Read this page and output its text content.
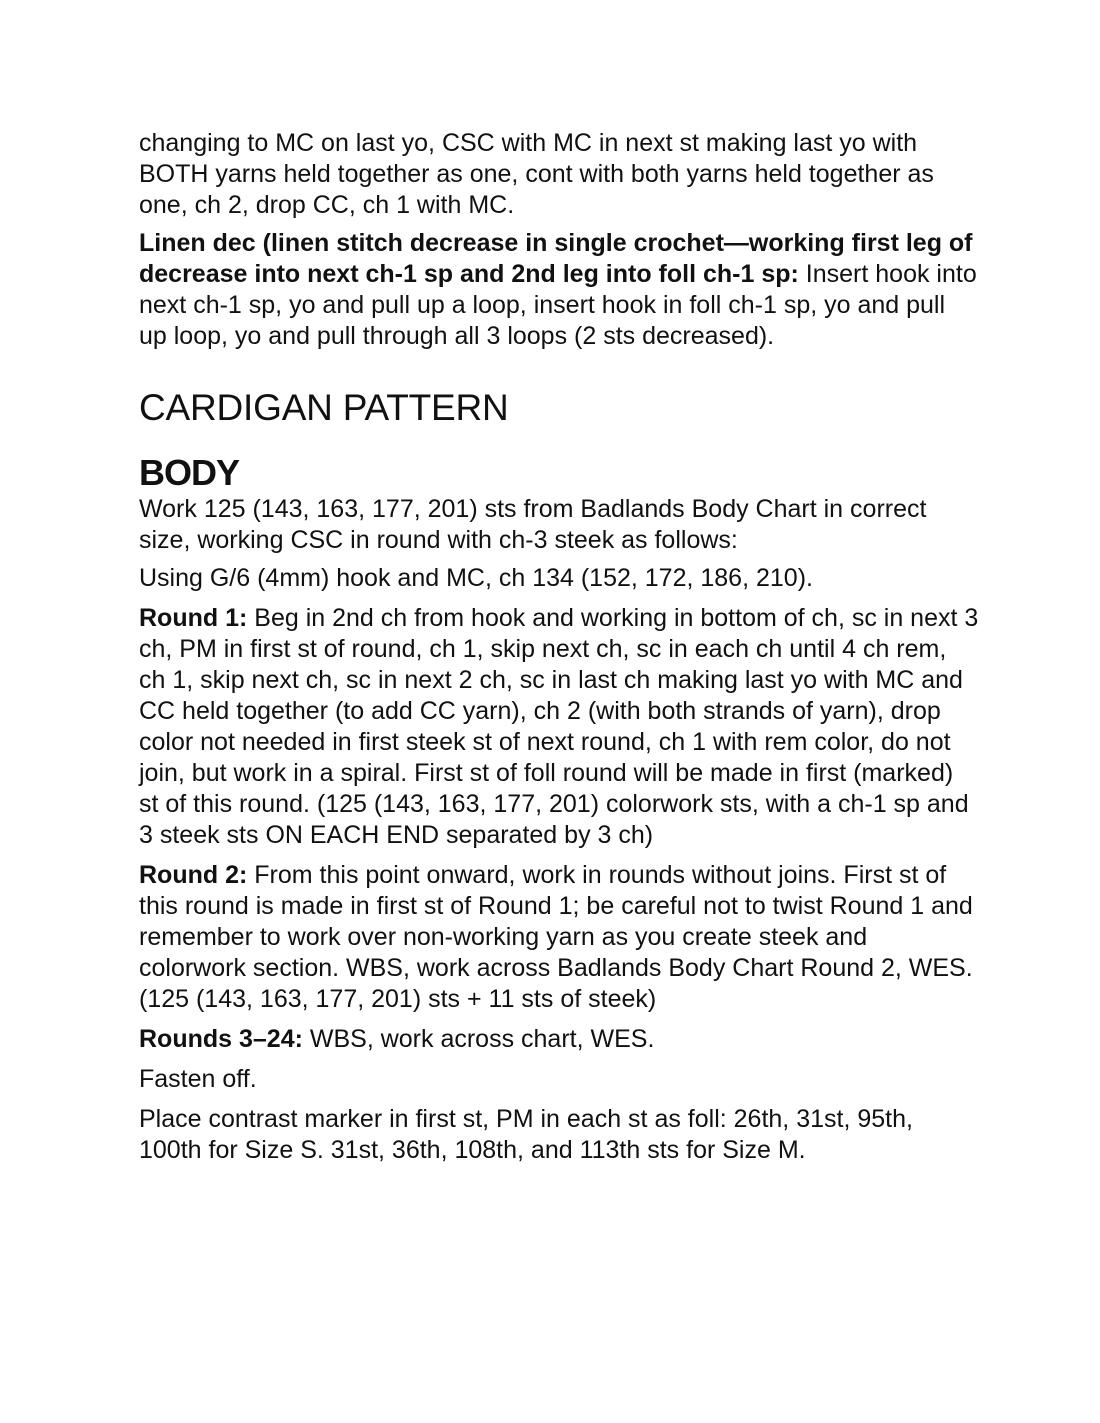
changing to MC on last yo, CSC with MC in next st making last yo with BOTH yarns held together as one, cont with both yarns held together as one, ch 2, drop CC, ch 1 with MC.

Linen dec (linen stitch decrease in single crochet—working first leg of decrease into next ch-1 sp and 2nd leg into foll ch-1 sp: Insert hook into next ch-1 sp, yo and pull up a loop, insert hook in foll ch-1 sp, yo and pull up loop, yo and pull through all 3 loops (2 sts decreased).

CARDIGAN PATTERN
BODY

Work 125 (143, 163, 177, 201) sts from Badlands Body Chart in correct size, working CSC in round with ch-3 steek as follows:

Using G/6 (4mm) hook and MC, ch 134 (152, 172, 186, 210).

Round 1: Beg in 2nd ch from hook and working in bottom of ch, sc in next 3 ch, PM in first st of round, ch 1, skip next ch, sc in each ch until 4 ch rem, ch 1, skip next ch, sc in next 2 ch, sc in last ch making last yo with MC and CC held together (to add CC yarn), ch 2 (with both strands of yarn), drop color not needed in first steek st of next round, ch 1 with rem color, do not join, but work in a spiral. First st of foll round will be made in first (marked) st of this round. (125 (143, 163, 177, 201) colorwork sts, with a ch-1 sp and 3 steek sts ON EACH END separated by 3 ch)

Round 2: From this point onward, work in rounds without joins. First st of this round is made in first st of Round 1; be careful not to twist Round 1 and remember to work over non-working yarn as you create steek and colorwork section. WBS, work across Badlands Body Chart Round 2, WES. (125 (143, 163, 177, 201) sts + 11 sts of steek)

Rounds 3–24: WBS, work across chart, WES.

Fasten off.

Place contrast marker in first st, PM in each st as foll: 26th, 31st, 95th, 100th for Size S. 31st, 36th, 108th, and 113th sts for Size M.
